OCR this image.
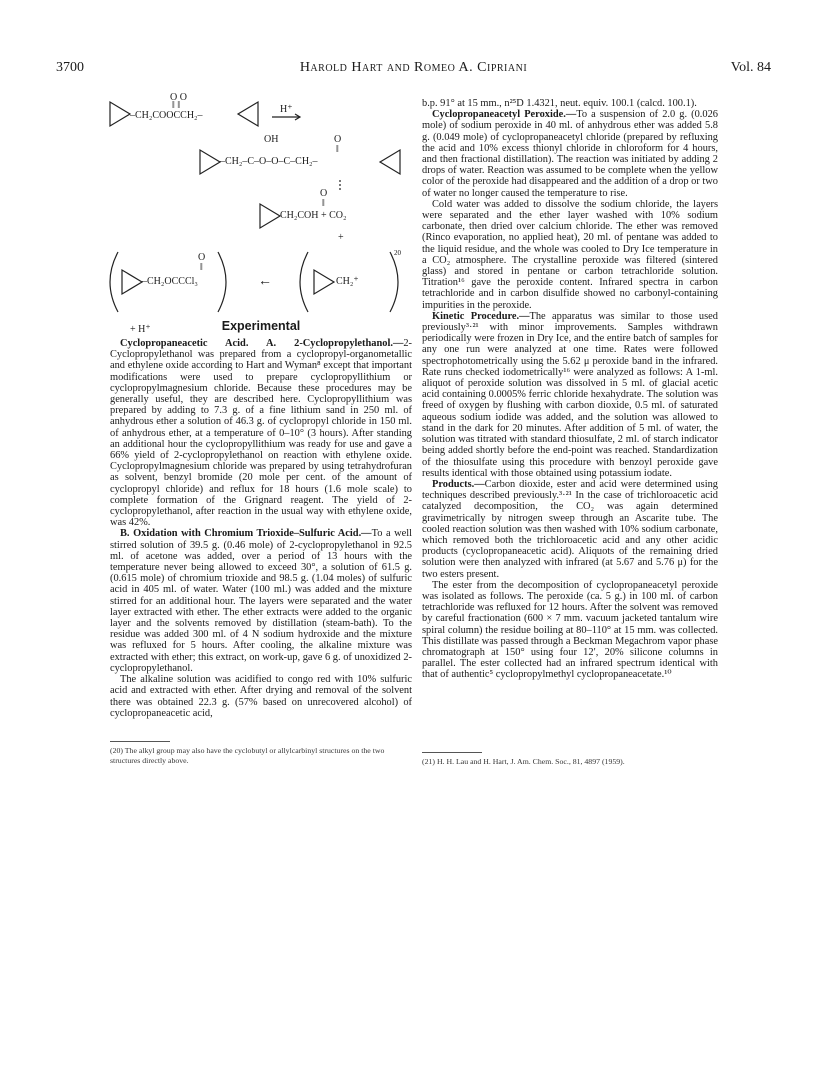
3700	Harold Hart and Romeo A. Cipriani	Vol. 84
O O
‖ ‖
–CH₂COOCCH₂–
H⁺
OH	O
‖
–CH₂–C–O–O–C–CH₂–
O
‖
CH₂COH + CO₂
+
O
‖
–CH₂OCCCl₃	←	CH₂⁺
20
+ H⁺	Experimental

Cyclopropaneacetic Acid. A. 2-Cyclopropylethanol.—2-Cyclopropylethanol was prepared from a cyclopropyl-organometallic and ethylene oxide according to Hart and Wyman⁸ except that important modifications were used to prepare cyclopropyllithium or cyclopropylmagnesium chloride. Because these procedures may be generally useful, they are described here. Cyclopropyllithium was prepared by adding to 7.3 g. of a fine lithium sand in 250 ml. of anhydrous ether a solution of 46.3 g. of cyclopropyl chloride in 150 ml. of anhydrous ether, at a temperature of 0–10° (3 hours). After standing an additional hour the cyclopropyllithium was ready for use and gave a 66% yield of 2-cyclopropylethanol on reaction with ethylene oxide. Cyclopropylmagnesium chloride was prepared by using tetrahydrofuran as solvent, benzyl bromide (20 mole per cent. of the amount of cyclopropyl chloride) and reflux for 18 hours (1.6 mole scale) to complete formation of the Grignard reagent. The yield of 2-cyclopropylethanol, after reaction in the usual way with ethylene oxide, was 42%.

B. Oxidation with Chromium Trioxide–Sulfuric Acid.—To a well stirred solution of 39.5 g. (0.46 mole) of 2-cyclopropylethanol in 92.5 ml. of acetone was added, over a period of 13 hours with the temperature never being allowed to exceed 30°, a solution of 61.5 g. (0.615 mole) of chromium trioxide and 98.5 g. (1.04 moles) of sulfuric acid in 405 ml. of water. Water (100 ml.) was added and the mixture stirred for an additional hour. The layers were separated and the water layer extracted with ether. The ether extracts were added to the organic layer and the solvents removed by distillation (steam-bath). To the residue was added 300 ml. of 4 N sodium hydroxide and the mixture was refluxed for 5 hours. After cooling, the alkaline mixture was extracted with ether; this extract, on work-up, gave 6 g. of unoxidized 2-cyclopropylethanol.

The alkaline solution was acidified to congo red with 10% sulfuric acid and extracted with ether. After drying and removal of the solvent there was obtained 22.3 g. (57% based on unrecovered alcohol) of cyclopropaneacetic acid,

(20) The alkyl group may also have the cyclobutyl or allylcarbinyl structures on the two structures directly above.

b.p. 91° at 15 mm., n²⁵D 1.4321, neut. equiv. 100.1 (calcd. 100.1).

Cyclopropaneacetyl Peroxide.—To a suspension of 2.0 g. (0.026 mole) of sodium peroxide in 40 ml. of anhydrous ether was added 5.8 g. (0.049 mole) of cyclopropaneacetyl chloride (prepared by refluxing the acid and 10% excess thionyl chloride in chloroform for 4 hours, and then fractional distillation). The reaction was initiated by adding 2 drops of water. Reaction was assumed to be complete when the yellow color of the peroxide had disappeared and the addition of a drop or two of water no longer caused the temperature to rise.

Cold water was added to dissolve the sodium chloride, the layers were separated and the ether layer washed with 10% sodium carbonate, then dried over calcium chloride. The ether was removed (Rinco evaporation, no applied heat), 20 ml. of pentane was added to the liquid residue, and the whole was cooled to Dry Ice temperature in a CO₂ atmosphere. The crystalline peroxide was filtered (sintered glass) and stored in pentane or carbon tetrachloride solution. Titration¹⁶ gave the peroxide content. Infrared spectra in carbon tetrachloride and in carbon disulfide showed no carbonyl-containing impurities in the peroxide.

Kinetic Procedure.—The apparatus was similar to those used previously³·²¹ with minor improvements. Samples withdrawn periodically were frozen in Dry Ice, and the entire batch of samples for any one run were analyzed at one time. Rates were followed spectrophotometrically using the 5.62 μ peroxide band in the infrared. Rate runs checked iodometrically¹⁶ were analyzed as follows: A 1-ml. aliquot of peroxide solution was dissolved in 5 ml. of glacial acetic acid containing 0.0005% ferric chloride hexahydrate. The solution was freed of oxygen by flushing with carbon dioxide, 0.5 ml. of saturated aqueous sodium iodide was added, and the solution was allowed to stand in the dark for 20 minutes. After addition of 5 ml. of water, the solution was titrated with standard thiosulfate, 2 ml. of starch indicator being added shortly before the end-point was reached. Standardization of the thiosulfate using this procedure with benzoyl peroxide gave results identical with those obtained using potassium iodate.

Products.—Carbon dioxide, ester and acid were determined using techniques described previously.³·²¹ In the case of trichloroacetic acid catalyzed decomposition, the CO₂ was again determined gravimetrically by nitrogen sweep through an Ascarite tube. The cooled reaction solution was then washed with 10% sodium carbonate, which removed both the trichloroacetic acid and any other acidic products (cyclopropaneacetic acid). Aliquots of the remaining dried solution were then analyzed with infrared (at 5.67 and 5.76 μ) for the two esters present.

The ester from the decomposition of cyclopropaneacetyl peroxide was isolated as follows. The peroxide (ca. 5 g.) in 100 ml. of carbon tetrachloride was refluxed for 12 hours. After the solvent was removed by careful fractionation (600 × 7 mm. vacuum jacketed tantalum wire spiral column) the residue boiling at 80–110° at 15 mm. was collected. This distillate was passed through a Beckman Megachrom vapor phase chromatograph at 150° using four 12′, 20% silicone columns in parallel. The ester collected had an infrared spectrum identical with that of authentic⁵ cyclopropylmethyl cyclopropaneacetate.¹⁰

(21) H. H. Lau and H. Hart, J. Am. Chem. Soc., 81, 4897 (1959).
